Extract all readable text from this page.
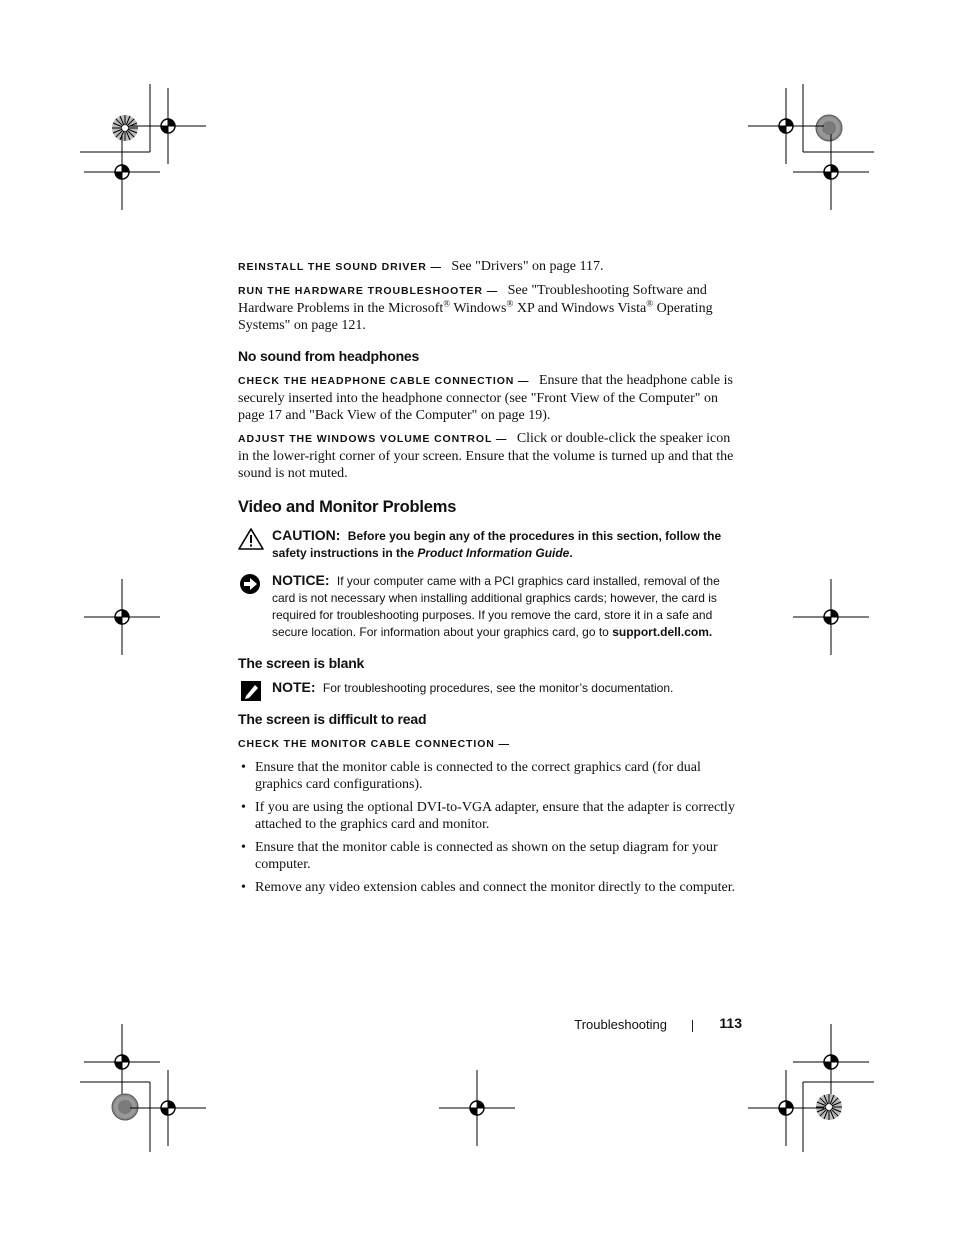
REINSTALL THE SOUND DRIVER — See "Drivers" on page 117.

RUN THE HARDWARE TROUBLESHOOTER — See "Troubleshooting Software and Hardware Problems in the Microsoft® Windows® XP and Windows Vista® Operating Systems" on page 121.

No sound from headphones

CHECK THE HEADPHONE CABLE CONNECTION — Ensure that the headphone cable is securely inserted into the headphone connector (see "Front View of the Computer" on page 17 and "Back View of the Computer" on page 19).

ADJUST THE WINDOWS VOLUME CONTROL — Click or double-click the speaker icon in the lower-right corner of your screen. Ensure that the volume is turned up and that the sound is not muted.

Video and Monitor Problems
CAUTION: Before you begin any of the procedures in this section, follow the safety instructions in the Product Information Guide.
NOTICE: If your computer came with a PCI graphics card installed, removal of the card is not necessary when installing additional graphics cards; however, the card is required for troubleshooting purposes. If you remove the card, store it in a safe and secure location. For information about your graphics card, go to support.dell.com.
The screen is blank
NOTE: For troubleshooting procedures, see the monitor’s documentation.
The screen is difficult to read

CHECK THE MONITOR CABLE CONNECTION —

• Ensure that the monitor cable is connected to the correct graphics card (for dual graphics card configurations).
• If you are using the optional DVI-to-VGA adapter, ensure that the adapter is correctly attached to the graphics card and monitor.
• Ensure that the monitor cable is connected as shown on the setup diagram for your computer.
• Remove any video extension cables and connect the monitor directly to the computer.
Troubleshooting	113
